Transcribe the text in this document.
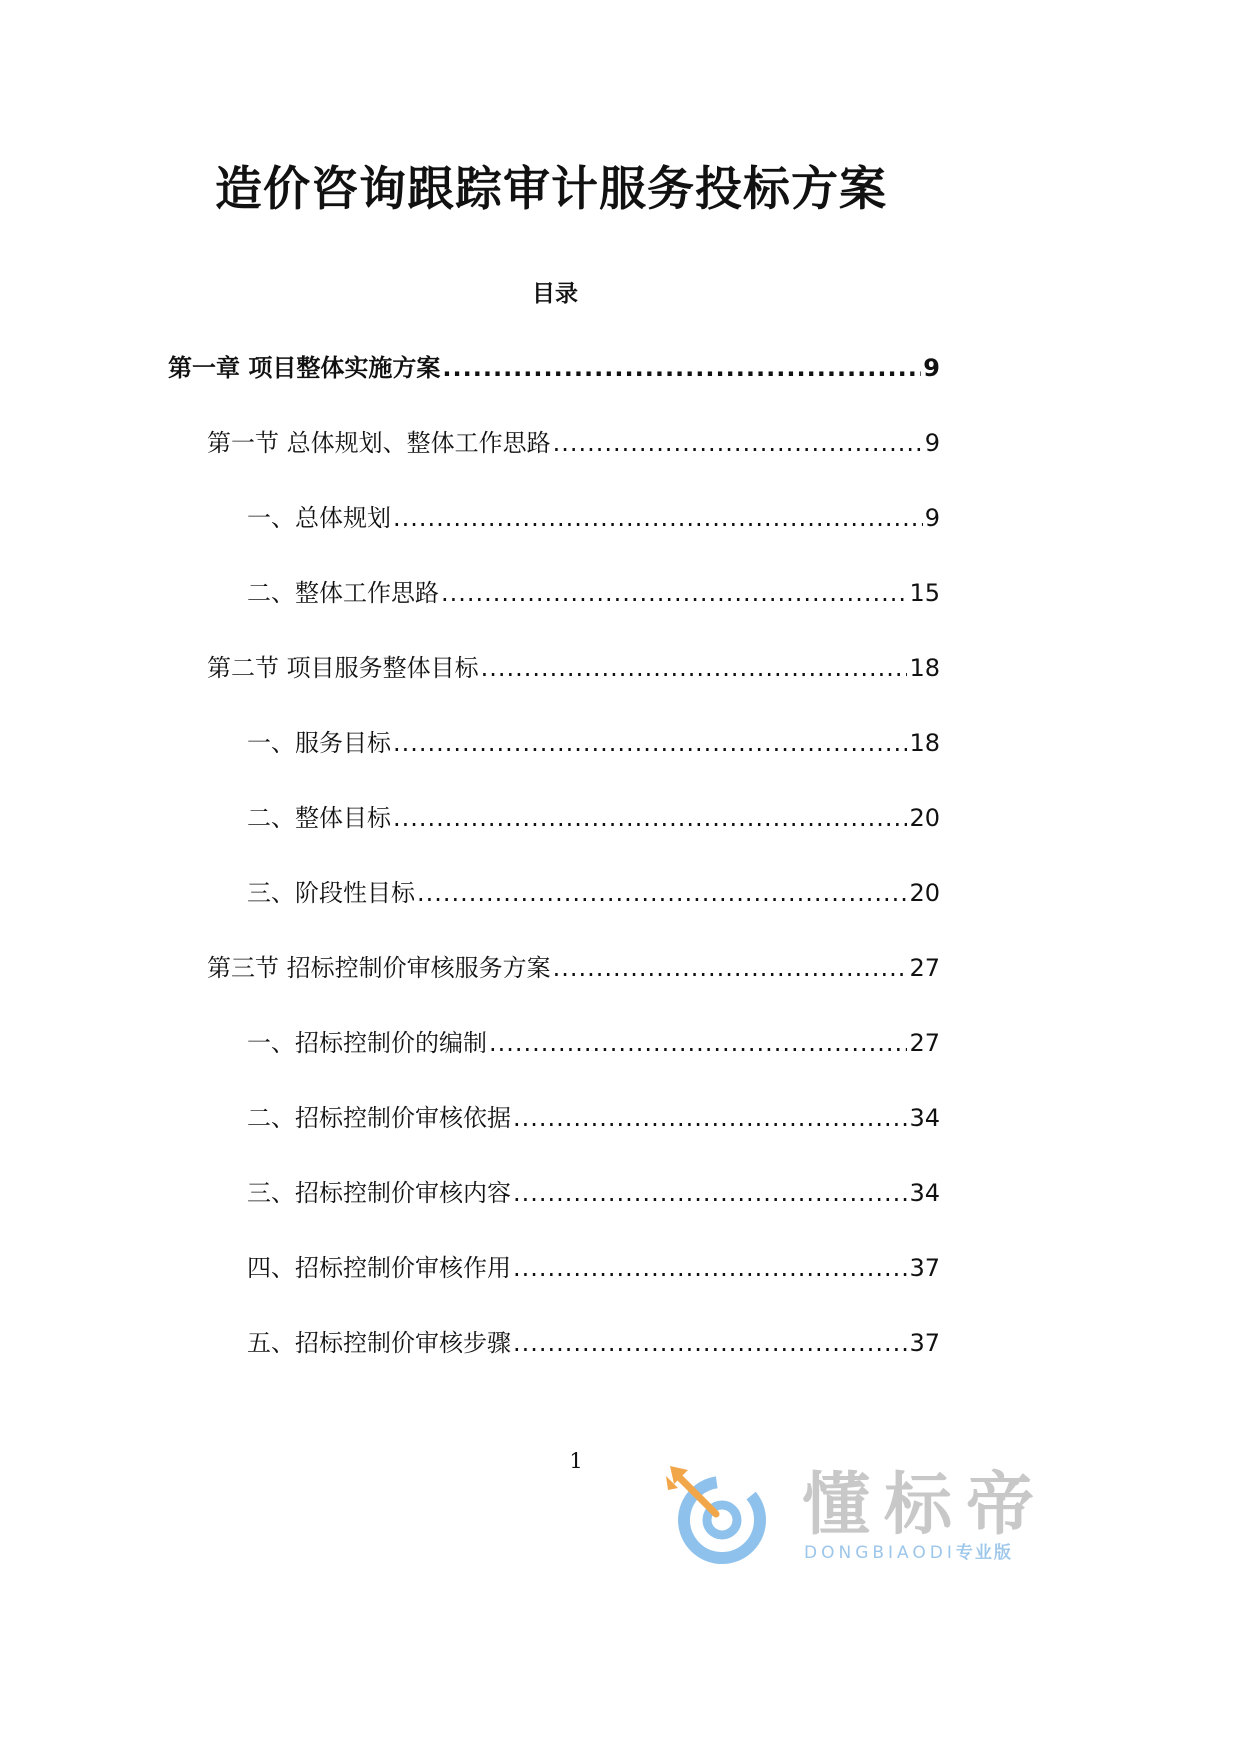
造价咨询跟踪审计服务投标方案
目录
第一章 项目整体实施方案 .....	9
第一节 总体规划、整体工作思路 .....	9
一、总体规划 .....	9
二、整体工作思路 .....	15
第二节 项目服务整体目标 .....	18
一、服务目标 .....	18
二、整体目标 .....	20
三、阶段性目标 .....	20
第三节 招标控制价审核服务方案 .....	27
一、招标控制价的编制 .....	27
二、招标控制价审核依据 .....	34
三、招标控制价审核内容 .....	34
四、招标控制价审核作用 .....	37
五、招标控制价审核步骤 .....	37
1
懂标帝
DONGBIAODI专业版
